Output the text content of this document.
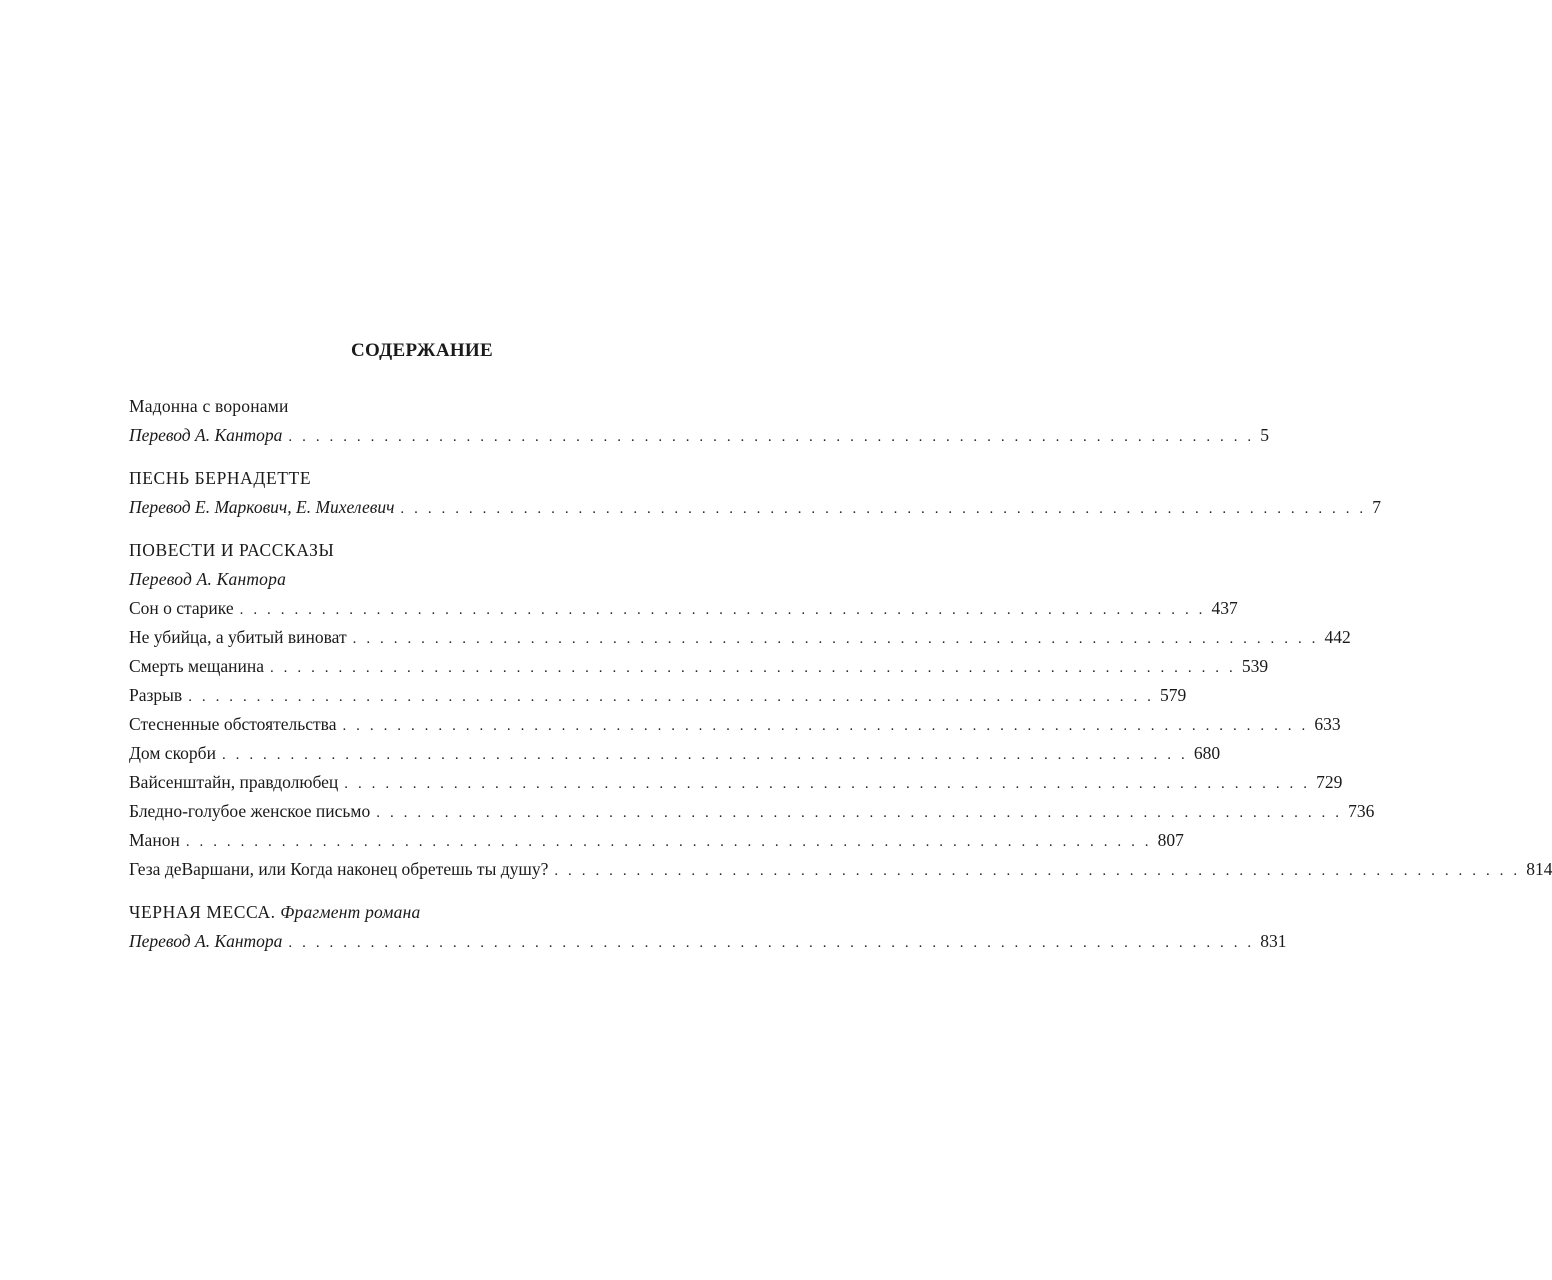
СОДЕРЖАНИЕ
Мадонна с воронами
Перевод А. Кантора . . . . . . . . . . . . . . . . . . . . . . . . . . . . . . . . . . . . . . . . . . . . . . . . . . . . . . . . . . . . . . . . . . . . . . . 5
ПЕСНЬ БЕРНАДЕТТЕ
Перевод Е. Маркович, Е. Михелевич . . . . . . . . . . . . . . . . . . . . . . . . . . . . . . . . . . . . . . . . . . . . . . . . . . . . . . . . . . . . . . . . . . . . . . . 7
ПОВЕСТИ И РАССКАЗЫ
Перевод А. Кантора
Сон о старике . . . . . . . . . . . . . . . . . . . . . . . . . . . . . . . . . . . . . . . . . . . . . . . . . . . . . . . . . . . . . . . . . . . . . . . 437
Не убийца, а убитый виноват . . . . . . . . . . . . . . . . . . . . . . . . . . . . . . . . . . . . . . . . . . . . . . . . . . . . . . . . . . . . . . . . . . . . . . . 442
Смерть мещанина . . . . . . . . . . . . . . . . . . . . . . . . . . . . . . . . . . . . . . . . . . . . . . . . . . . . . . . . . . . . . . . . . . . . . . . 539
Разрыв . . . . . . . . . . . . . . . . . . . . . . . . . . . . . . . . . . . . . . . . . . . . . . . . . . . . . . . . . . . . . . . . . . . . . . . 579
Стесненные обстоятельства . . . . . . . . . . . . . . . . . . . . . . . . . . . . . . . . . . . . . . . . . . . . . . . . . . . . . . . . . . . . . . . . . . . . . . . 633
Дом скорби . . . . . . . . . . . . . . . . . . . . . . . . . . . . . . . . . . . . . . . . . . . . . . . . . . . . . . . . . . . . . . . . . . . . . . . 680
Вайсенштайн, правдолюбец . . . . . . . . . . . . . . . . . . . . . . . . . . . . . . . . . . . . . . . . . . . . . . . . . . . . . . . . . . . . . . . . . . . . . . . 729
Бледно-голубое женское письмо . . . . . . . . . . . . . . . . . . . . . . . . . . . . . . . . . . . . . . . . . . . . . . . . . . . . . . . . . . . . . . . . . . . . . . . 736
Манон . . . . . . . . . . . . . . . . . . . . . . . . . . . . . . . . . . . . . . . . . . . . . . . . . . . . . . . . . . . . . . . . . . . . . . . 807
Геза деВаршани, или Когда наконец обретешь ты душу? . . . . . . . . . . . . . . . . . . . . . . . . . . . . . . . . . . . . . . . . . . . . . . . . . . . . . . . . . . . . . . . . . . . . . . . 814
ЧЕРНАЯ МЕССА. Фрагмент романа
Перевод А. Кантора . . . . . . . . . . . . . . . . . . . . . . . . . . . . . . . . . . . . . . . . . . . . . . . . . . . . . . . . . . . . . . . . . . . . . . . 831
